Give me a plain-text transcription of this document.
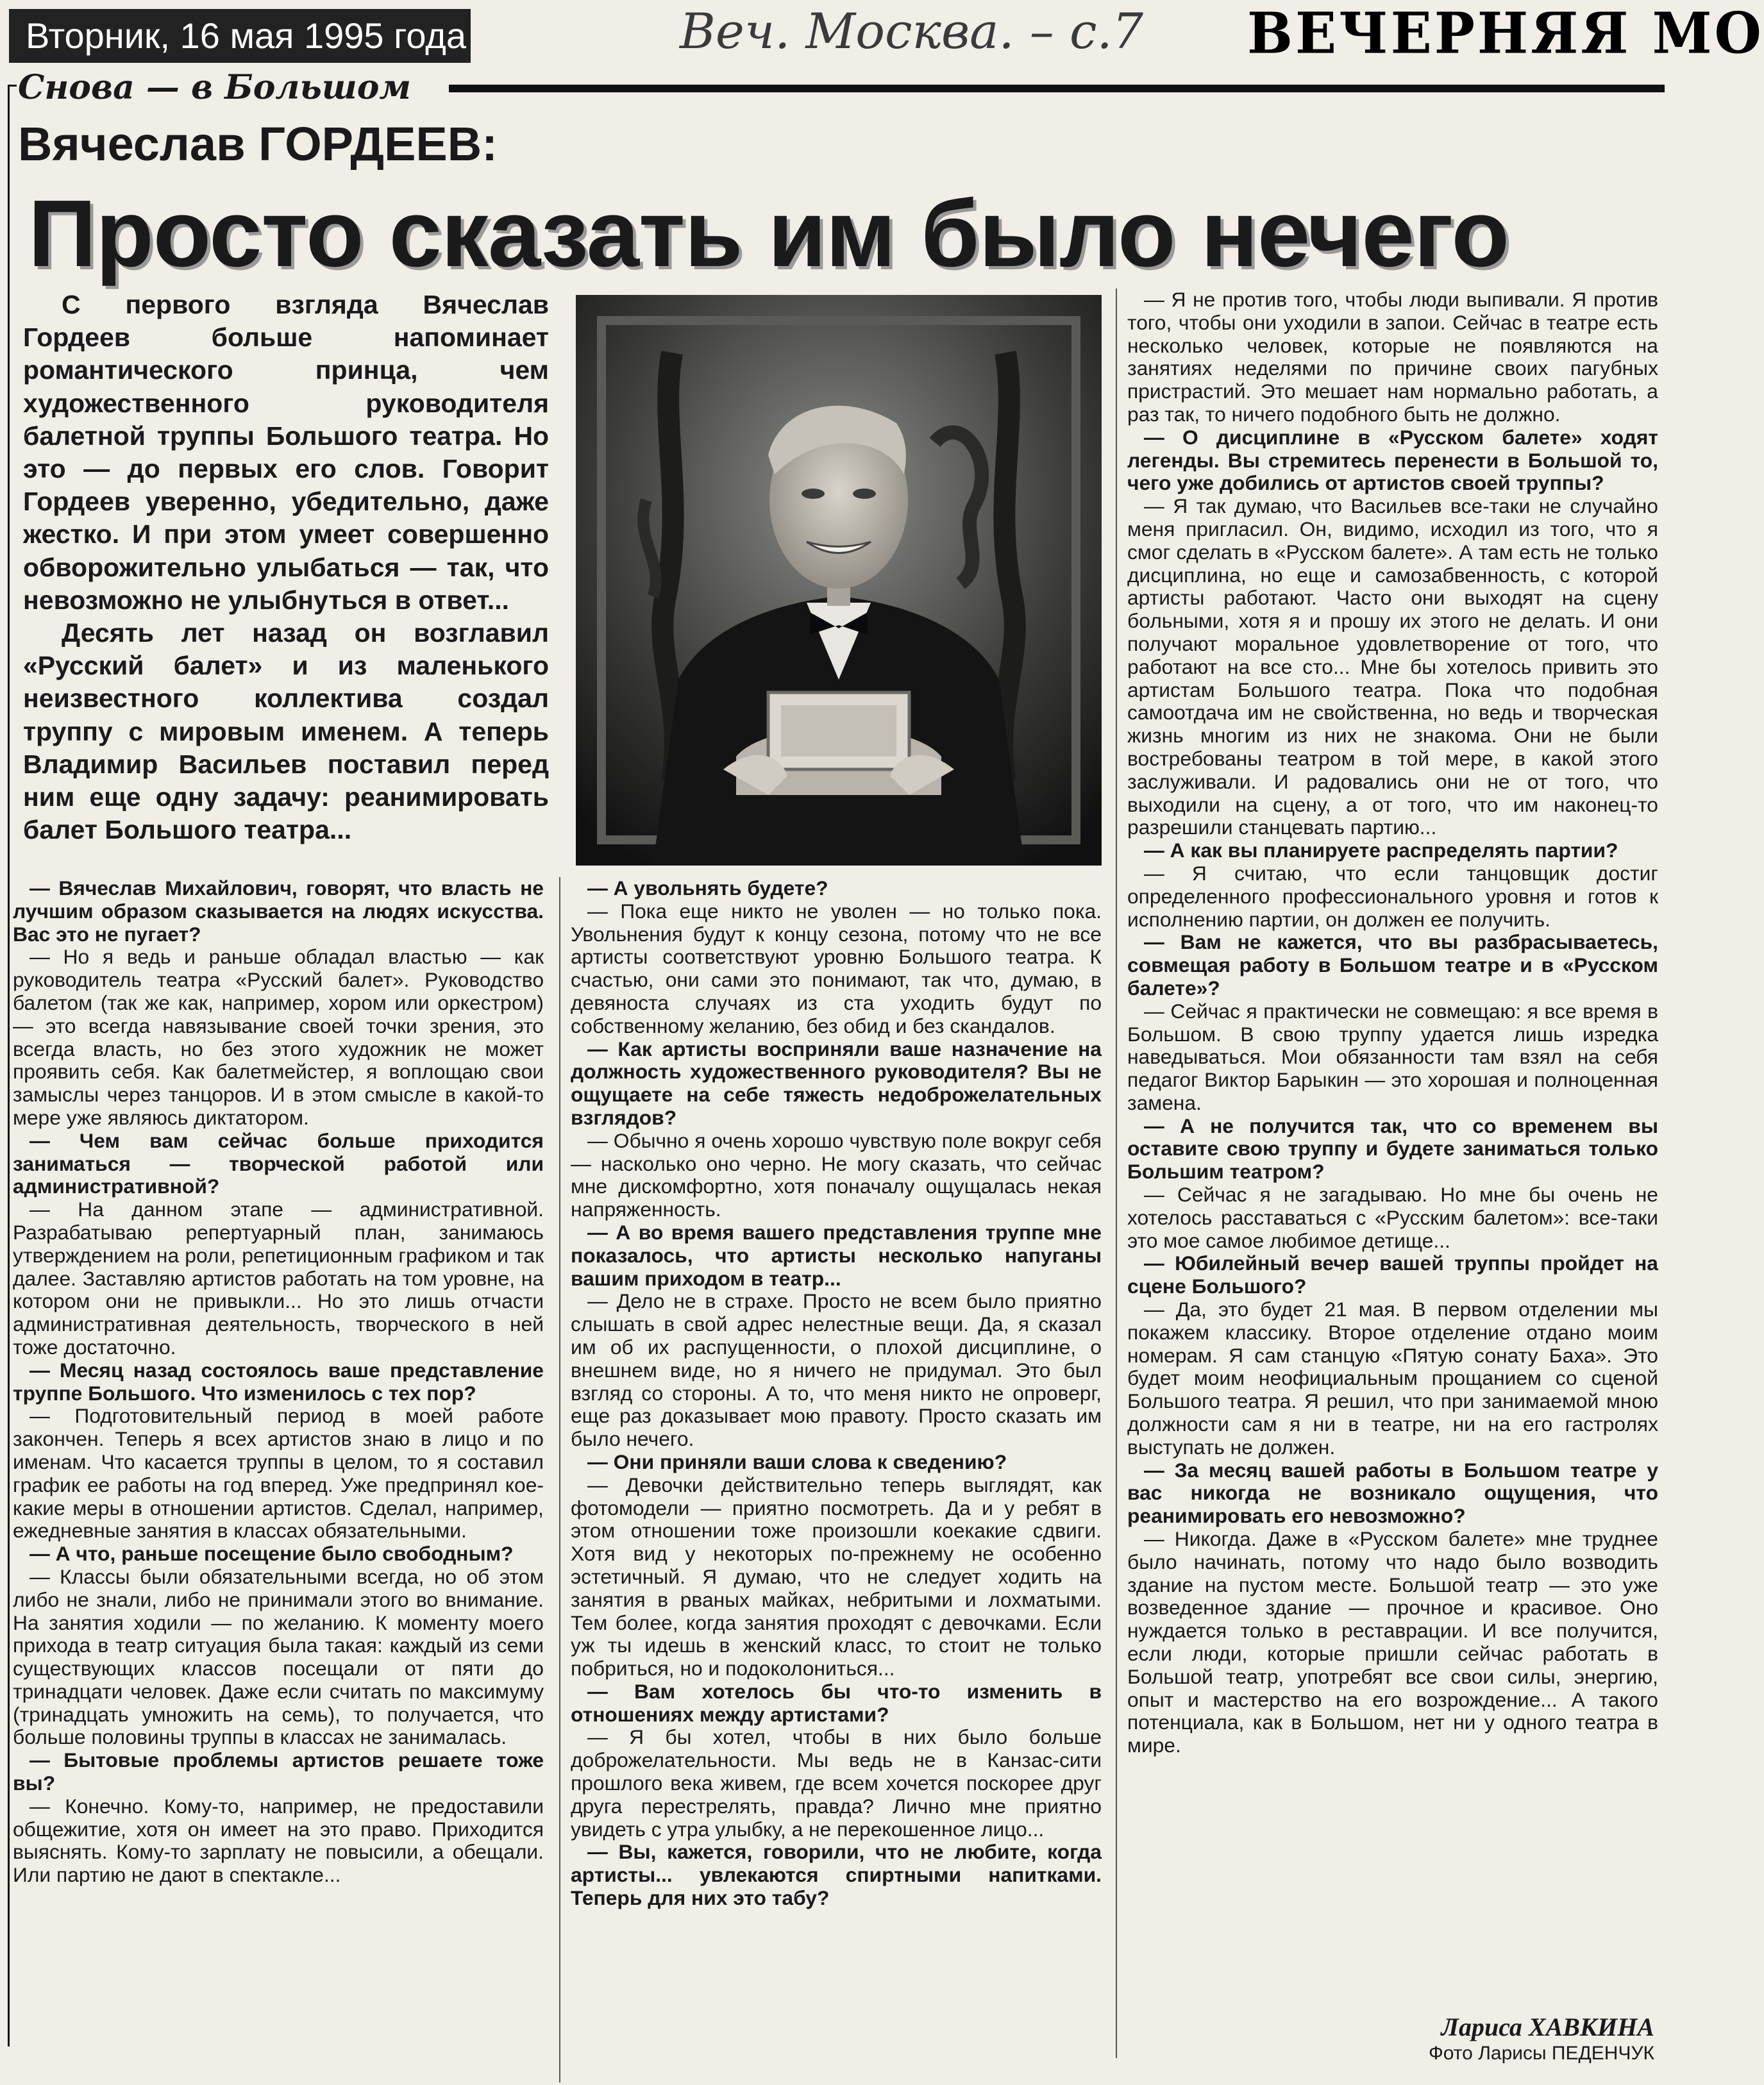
Вторник, 16 мая 1995 года	Веч. Москва. – с.7 ВЕЧЕРНЯЯ МО
Снова — в Большом
Вячеслав ГОРДЕЕВ:
Просто сказать им было нечего

С первого взгляда Вячеслав Гордеев больше напоминает романтического принца, чем художественного руководителя балетной труппы Большого театра. Но это — до первых его слов. Говорит Гордеев уверенно, убедительно, даже жестко. И при этом умеет совершенно обворожительно улыбаться — так, что невозможно не улыбнуться в ответ...

Десять лет назад он возглавил «Русский балет» и из маленького неизвестного коллектива создал труппу с мировым именем. А теперь Владимир Васильев поставил перед ним еще одну задачу: реанимировать балет Большого театра...

— Вячеслав Михайлович, говорят, что власть не лучшим образом сказывается на людях искусства. Вас это не пугает?

— Но я ведь и раньше обладал властью — как руководитель театра «Русский балет». Руководство балетом (так же как, например, хором или оркестром) — это всегда навязывание своей точки зрения, это всегда власть, но без этого художник не может проявить себя. Как балетмейстер, я воплощаю свои замыслы через танцоров. И в этом смысле в какой-то мере уже являюсь диктатором.

— Чем вам сейчас больше приходится заниматься — творческой работой или административной?

— На данном этапе — административной. Разрабатываю репертуарный план, занимаюсь утверждением на роли, репетиционным графиком и так далее. Заставляю артистов работать на том уровне, на котором они не привыкли... Но это лишь отчасти административная деятельность, творческого в ней тоже достаточно.

— Месяц назад состоялось ваше представление труппе Большого. Что изменилось с тех пор?

— Подготовительный период в моей работе закончен. Теперь я всех артистов знаю в лицо и по именам. Что касается труппы в целом, то я составил график ее работы на год вперед. Уже предпринял кое-какие меры в отношении артистов. Сделал, например, ежедневные занятия в классах обязательными.

— А что, раньше посещение было свободным?

— Классы были обязательными всегда, но об этом либо не знали, либо не принимали этого во внимание. На занятия ходили — по желанию. К моменту моего прихода в театр ситуация была такая: каждый из семи существующих классов посещали от пяти до тринадцати человек. Даже если считать по максимуму (тринадцать умножить на семь), то получается, что больше половины труппы в классах не занималась.

— Бытовые проблемы артистов решаете тоже вы?

— Конечно. Кому-то, например, не предоставили общежитие, хотя он имеет на это право. Приходится выяснять. Кому-то зарплату не повысили, а обещали. Или партию не дают в спектакле...

— А увольнять будете?

— Пока еще никто не уволен — но только пока. Увольнения будут к концу сезона, потому что не все артисты соответствуют уровню Большого театра. К счастью, они сами это понимают, так что, думаю, в девяноста случаях из ста уходить будут по собственному желанию, без обид и без скандалов.

— Как артисты восприняли ваше назначение на должность художественного руководителя? Вы не ощущаете на себе тяжесть недоброжелательных взглядов?

— Обычно я очень хорошо чувствую поле вокруг себя — насколько оно черно. Не могу сказать, что сейчас мне дискомфортно, хотя поначалу ощущалась некая напряженность.

— А во время вашего представления труппе мне показалось, что артисты несколько напуганы вашим приходом в театр...

— Дело не в страхе. Просто не всем было приятно слышать в свой адрес нелестные вещи. Да, я сказал им об их распущенности, о плохой дисциплине, о внешнем виде, но я ничего не придумал. Это был взгляд со стороны. А то, что меня никто не опроверг, еще раз доказывает мою правоту. Просто сказать им было нечего.

— Они приняли ваши слова к сведению?

— Девочки действительно теперь выглядят, как фотомодели — приятно посмотреть. Да и у ребят в этом отношении тоже произошли коекакие сдвиги. Хотя вид у некоторых по-прежнему не особенно эстетичный. Я думаю, что не следует ходить на занятия в рваных майках, небритыми и лохматыми. Тем более, когда занятия проходят с девочками. Если уж ты идешь в женский класс, то стоит не только побриться, но и подоколониться...

— Вам хотелось бы что-то изменить в отношениях между артистами?

— Я бы хотел, чтобы в них было больше доброжелательности. Мы ведь не в Канзас-сити прошлого века живем, где всем хочется поскорее друг друга перестрелять, правда? Лично мне приятно увидеть с утра улыбку, а не перекошенное лицо...

— Вы, кажется, говорили, что не любите, когда артисты... увлекаются спиртными напитками. Теперь для них это табу?

— Я не против того, чтобы люди выпивали. Я против того, чтобы они уходили в запои. Сейчас в театре есть несколько человек, которые не появляются на занятиях неделями по причине своих пагубных пристрастий. Это мешает нам нормально работать, а раз так, то ничего подобного быть не должно.

— О дисциплине в «Русском балете» ходят легенды. Вы стремитесь перенести в Большой то, чего уже добились от артистов своей труппы?

— Я так думаю, что Васильев все-таки не случайно меня пригласил. Он, видимо, исходил из того, что я смог сделать в «Русском балете». А там есть не только дисциплина, но еще и самозабвенность, с которой артисты работают. Часто они выходят на сцену больными, хотя я и прошу их этого не делать. И они получают моральное удовлетворение от того, что работают на все сто... Мне бы хотелось привить это артистам Большого театра. Пока что подобная самоотдача им не свойственна, но ведь и творческая жизнь многим из них не знакома. Они не были востребованы театром в той мере, в какой этого заслуживали. И радовались они не от того, что выходили на сцену, а от того, что им наконец-то разрешили станцевать партию...

— А как вы планируете распределять партии?

— Я считаю, что если танцовщик достиг определенного профессионального уровня и готов к исполнению партии, он должен ее получить.

— Вам не кажется, что вы разбрасываетесь, совмещая работу в Большом театре и в «Русском балете»?

— Сейчас я практически не совмещаю: я все время в Большом. В свою труппу удается лишь изредка наведываться. Мои обязанности там взял на себя педагог Виктор Барыкин — это хорошая и полноценная замена.

— А не получится так, что со временем вы оставите свою труппу и будете заниматься только Большим театром?

— Сейчас я не загадываю. Но мне бы очень не хотелось расставаться с «Русским балетом»: все-таки это мое самое любимое детище...

— Юбилейный вечер вашей труппы пройдет на сцене Большого?

— Да, это будет 21 мая. В первом отделении мы покажем классику. Второе отделение отдано моим номерам. Я сам станцую «Пятую сонату Баха». Это будет моим неофициальным прощанием со сценой Большого театра. Я решил, что при занимаемой мною должности сам я ни в театре, ни на его гастролях выступать не должен.

— За месяц вашей работы в Большом театре у вас никогда не возникало ощущения, что реанимировать его невозможно?

— Никогда. Даже в «Русском балете» мне труднее было начинать, потому что надо было возводить здание на пустом месте. Большой театр — это уже возведенное здание — прочное и красивое. Оно нуждается только в реставрации. И все получится, если люди, которые пришли сейчас работать в Большой театр, употребят все свои силы, энергию, опыт и мастерство на его возрождение... А такого потенциала, как в Большом, нет ни у одного театра в мире.

Лариса ХАВКИНА
Фото Ларисы ПЕДЕНЧУК
